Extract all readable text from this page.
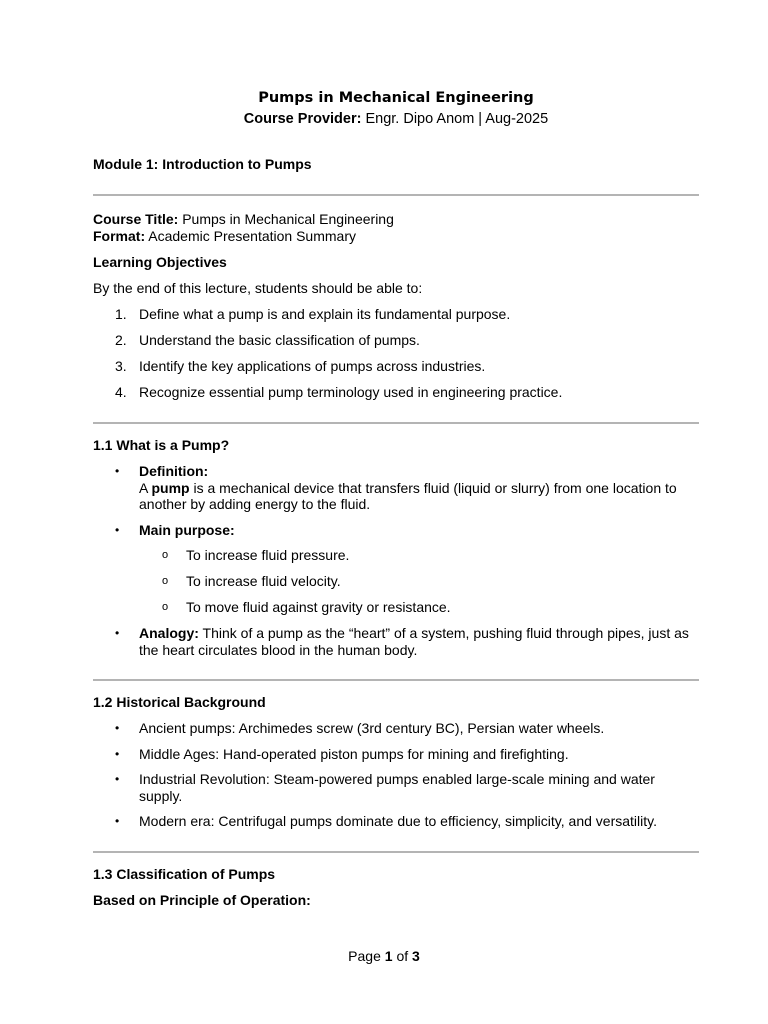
Pumps in Mechanical Engineering
Course Provider: Engr. Dipo Anom | Aug-2025
Module 1: Introduction to Pumps
Course Title: Pumps in Mechanical Engineering
Format: Academic Presentation Summary
Learning Objectives
By the end of this lecture, students should be able to:
1. Define what a pump is and explain its fundamental purpose.
2. Understand the basic classification of pumps.
3. Identify the key applications of pumps across industries.
4. Recognize essential pump terminology used in engineering practice.
1.1 What is a Pump?
• Definition:
A pump is a mechanical device that transfers fluid (liquid or slurry) from one location to another by adding energy to the fluid.
• Main purpose:
o To increase fluid pressure.
o To increase fluid velocity.
o To move fluid against gravity or resistance.
• Analogy: Think of a pump as the “heart” of a system, pushing fluid through pipes, just as the heart circulates blood in the human body.
1.2 Historical Background
• Ancient pumps: Archimedes screw (3rd century BC), Persian water wheels.
• Middle Ages: Hand-operated piston pumps for mining and firefighting.
• Industrial Revolution: Steam-powered pumps enabled large-scale mining and water supply.
• Modern era: Centrifugal pumps dominate due to efficiency, simplicity, and versatility.
1.3 Classification of Pumps
Based on Principle of Operation:
Page 1 of 3
